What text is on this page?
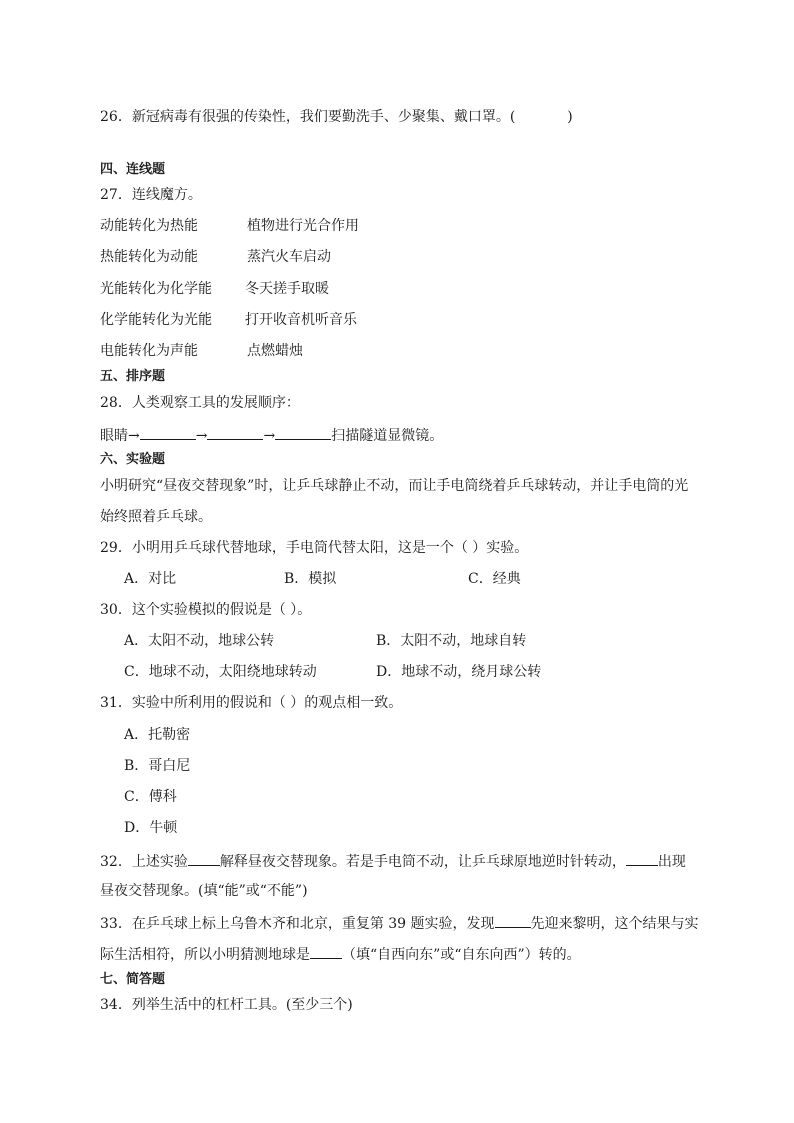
26．新冠病毒有很强的传染性，我们要勤洗手、少聚集、戴口罩。(	)
四、连线题
27．连线魔方。
动能转化为热能	植物进行光合作用
热能转化为动能	蒸汽火车启动
光能转化为化学能 冬天搓手取暖
化学能转化为光能 打开收音机听音乐
电能转化为声能	点燃蜡烛
五、排序题
28．人类观察工具的发展顺序：
眼睛→	→	→	扫描隧道显微镜。
六、实验题
小明研究“昼夜交替现象”时，让乒乓球静止不动，而让手电筒绕着乒乓球转动，并让手电筒的光
始终照着乒乓球。
29．小明用乒乓球代替地球，手电筒代替太阳，这是一个（ ）实验。
A．对比	B．模拟	C．经典
30．这个实验模拟的假说是（ ）。
A．太阳不动，地球公转	B．太阳不动，地球自转
C．地球不动，太阳绕地球转动	D．地球不动，绕月球公转
31．实验中所利用的假说和（ ）的观点相一致。
A．托勒密
B．哥白尼
C．傅科
D．牛顿
32．上述实验 解释昼夜交替现象。若是手电筒不动，让乒乓球原地逆时针转动， 出现
昼夜交替现象。(填“能”或“不能”)
33．在乒乓球上标上乌鲁木齐和北京，重复第 39 题实验，发现	先迎来黎明，这个结果与实
际生活相符，所以小明猜测地球是 （填“自西向东”或“自东向西”）转的。
七、简答题
34．列举生活中的杠杆工具。(至少三个)
